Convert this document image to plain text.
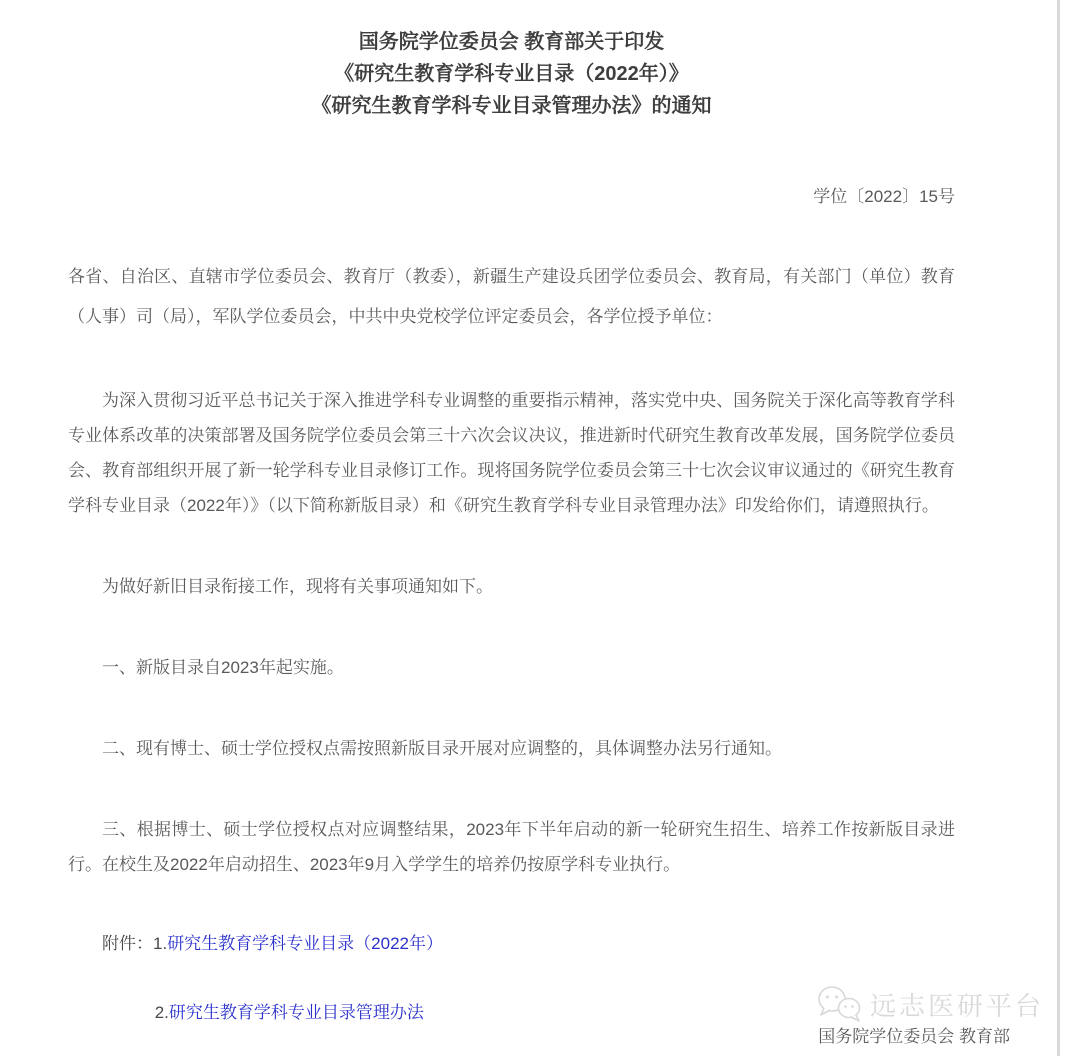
国务院学位委员会 教育部关于印发
《研究生教育学科专业目录（2022年）》
《研究生教育学科专业目录管理办法》的通知
学位〔2022〕15号

各省、自治区、直辖市学位委员会、教育厅（教委），新疆生产建设兵团学位委员会、教育局，有关部门（单位）教育（人事）司（局），军队学位委员会，中共中央党校学位评定委员会，各学位授予单位：

为深入贯彻习近平总书记关于深入推进学科专业调整的重要指示精神，落实党中央、国务院关于深化高等教育学科专业体系改革的决策部署及国务院学位委员会第三十六次会议决议，推进新时代研究生教育改革发展，国务院学位委员会、教育部组织开展了新一轮学科专业目录修订工作。现将国务院学位委员会第三十七次会议审议通过的《研究生教育学科专业目录（2022年）》（以下简称新版目录）和《研究生教育学科专业目录管理办法》印发给你们，请遵照执行。

为做好新旧目录衔接工作，现将有关事项通知如下。

一、新版目录自2023年起实施。

二、现有博士、硕士学位授权点需按照新版目录开展对应调整的，具体调整办法另行通知。

三、根据博士、硕士学位授权点对应调整结果，2023年下半年启动的新一轮研究生招生、培养工作按新版目录进行。在校生及2022年启动招生、2023年9月入学学生的培养仍按原学科专业执行。

附件：1.研究生教育学科专业目录（2022年）

2.研究生教育学科专业目录管理办法	远志医研平台
国务院学位委员会 教育部
